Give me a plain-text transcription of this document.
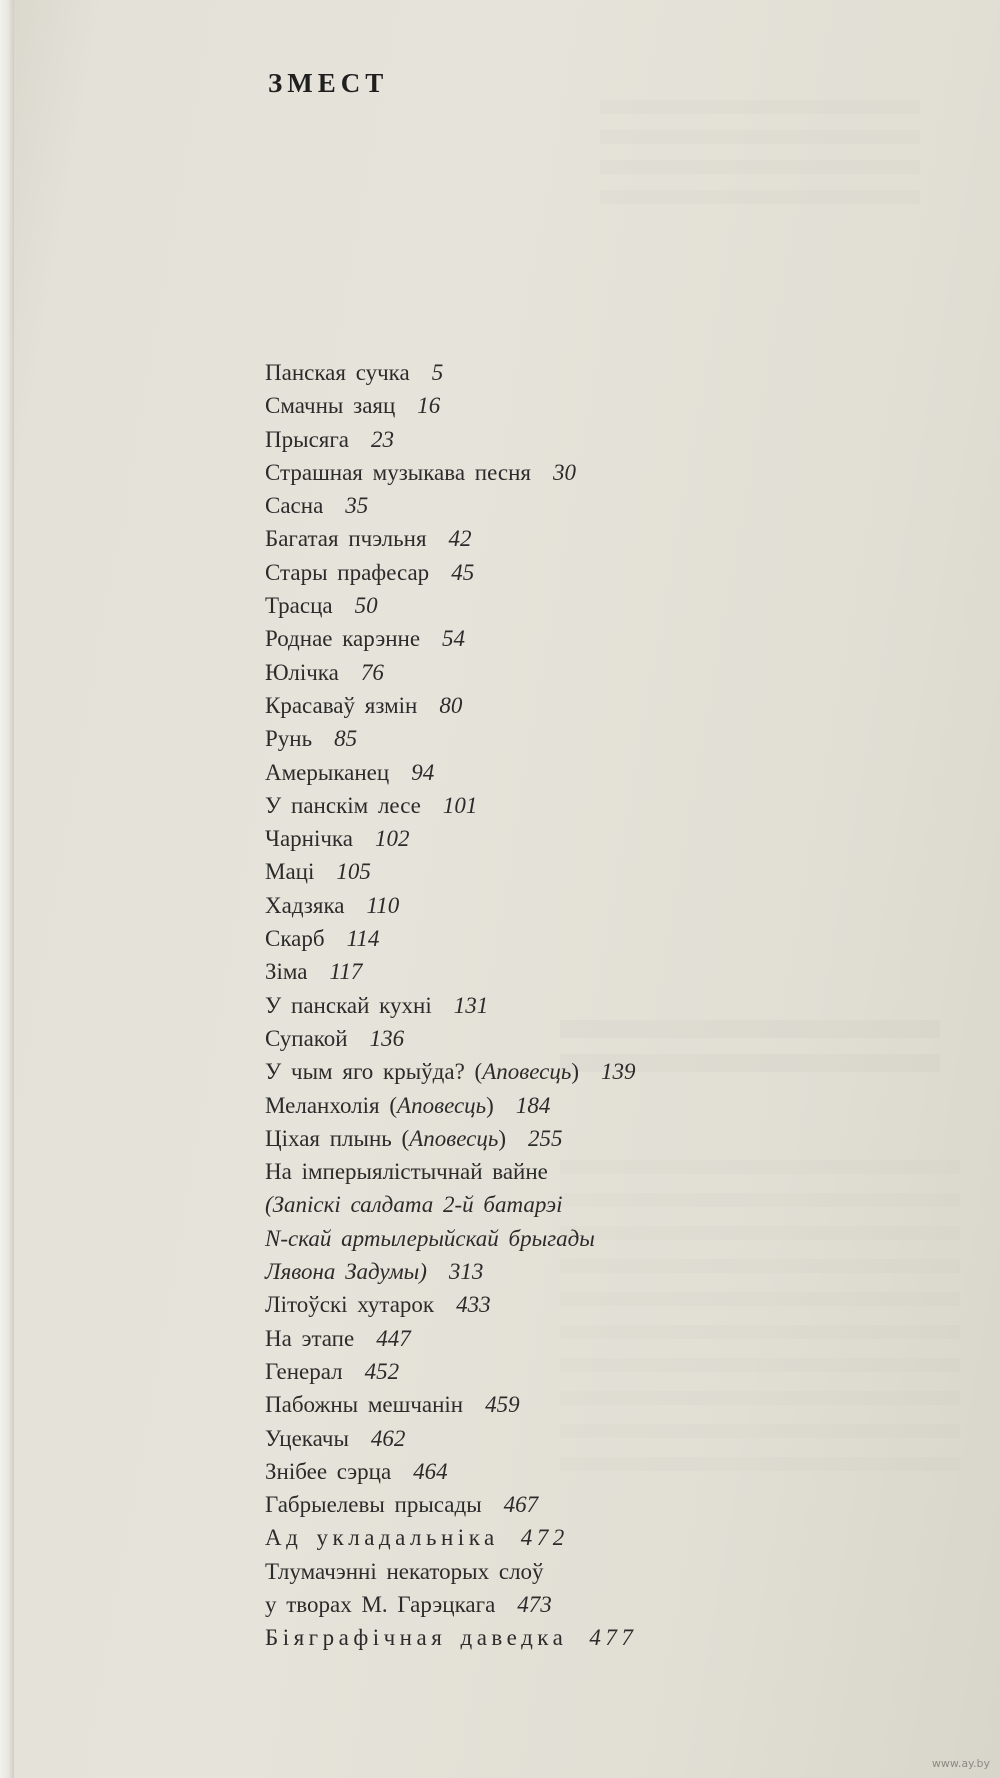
ЗМЕСТ
Панская сучка 5
Смачны заяц 16
Прысяга 23
Страшная музыкава песня 30
Сасна 35
Багатая пчэльня 42
Стары прафесар 45
Трасца 50
Роднае карэнне 54
Юлічка 76
Красаваў язмін 80
Рунь 85
Амерыканец 94
У панскім лесе 101
Чарнічка 102
Маці 105
Хадзяка 110
Скарб 114
Зіма 117
У панскай кухні 131
Супакой 136
У чым яго крыўда? (Аповесць) 139
Меланхолія (Аповесць) 184
Ціхая плынь (Аповесць) 255
На імперыялістычнай вайне
(Запіскі салдата 2-й батарэі
N-скай артылерыйскай брыгады
Лявона Задумы) 313
Літоўскі хутарок 433
На этапе 447
Генерал 452
Пабожны мешчанін 459
Уцекачы 462
Знібее сэрца 464
Габрыелевы прысады 467
Ад укладальніка 472
Тлумачэнні некаторых слоў
у творах М. Гарэцкага 473
Біяграфічная даведка 477
www.ay.by
